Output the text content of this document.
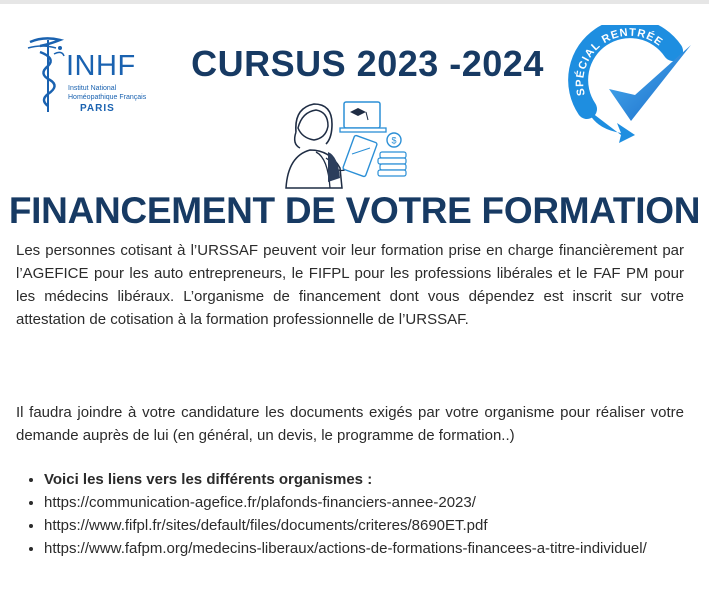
INHF
Institut National
Homéopathique Français
PARIS
CURSUS 2023 -2024
$
SPÉCIAL RENTRÉE
FINANCEMENT DE VOTRE FORMATION
Les personnes cotisant à l’URSSAF peuvent voir leur formation prise en charge financièrement par l’AGEFICE pour les auto entrepreneurs, le FIFPL pour les professions libérales et le FAF PM pour les médecins libéraux. L’organisme de financement dont vous dépendez est inscrit sur votre attestation de cotisation à la formation professionnelle de l’URSSAF.
Il faudra joindre à votre candidature les documents exigés par votre organisme pour réaliser votre demande auprès de lui (en général, un devis, le programme de formation..)
• Voici les liens vers les différents organismes :
• https://communication-agefice.fr/plafonds-financiers-annee-2023/
• https://www.fifpl.fr/sites/default/files/documents/criteres/8690ET.pdf
• https://www.fafpm.org/medecins-liberaux/actions-de-formations-financees-a-titre-individuel/
